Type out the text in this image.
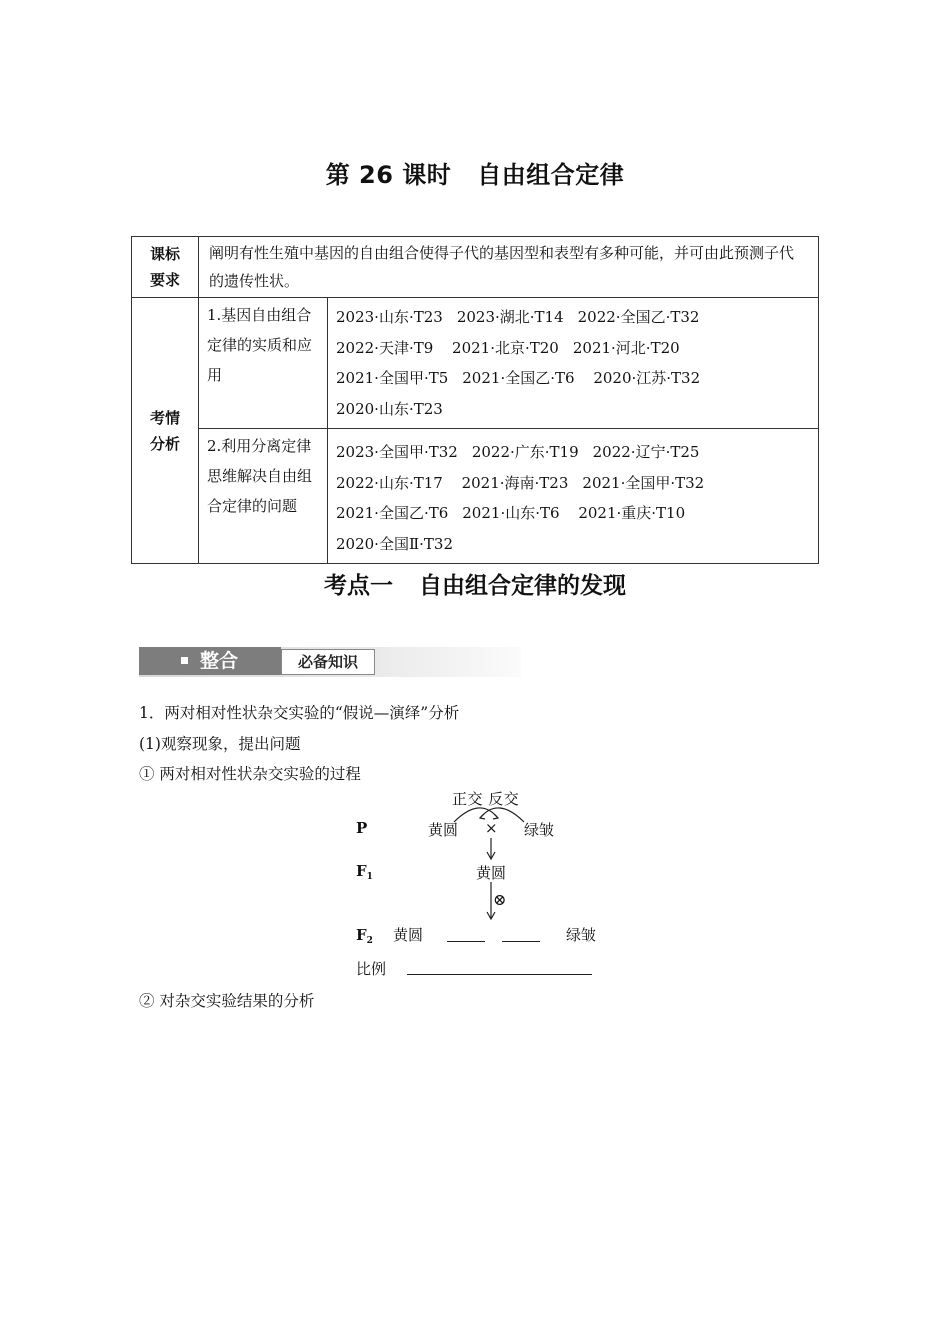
第 26 课时 自由组合定律
课标
要求	阐明有性生殖中基因的自由组合使得子代的基因型和表型有多种可能，并可由此预测子代的遗传性状。	

考情
分析	1.基因自由组合定律的实质和应用	2023·山东·T23 2023·湖北·T14 2022·全国乙·T322022·天津·T9 2021·北京·T20 2021·河北·T202021·全国甲·T5 2021·全国乙·T6 2020·江苏·T322020·山东·T23
	2.利用分离定律思维解决自由组合定律的问题	2023·全国甲·T32 2022·广东·T19 2022·辽宁·T252022·山东·T17 2021·海南·T23 2021·全国甲·T322021·全国乙·T6 2021·山东·T6 2021·重庆·T102020·全国Ⅱ·T32
考点一 自由组合定律的发现
整合	必备知识
1．两对相对性状杂交实验的“假说—演绎”分析
(1)观察现象，提出问题
① 两对相对性状杂交实验的过程
正交 反交
P	黄圆 × 绿皱
$F_1$	黄圆
⊗
$F_2$ 黄圆	绿皱
比例
② 对杂交实验结果的分析
